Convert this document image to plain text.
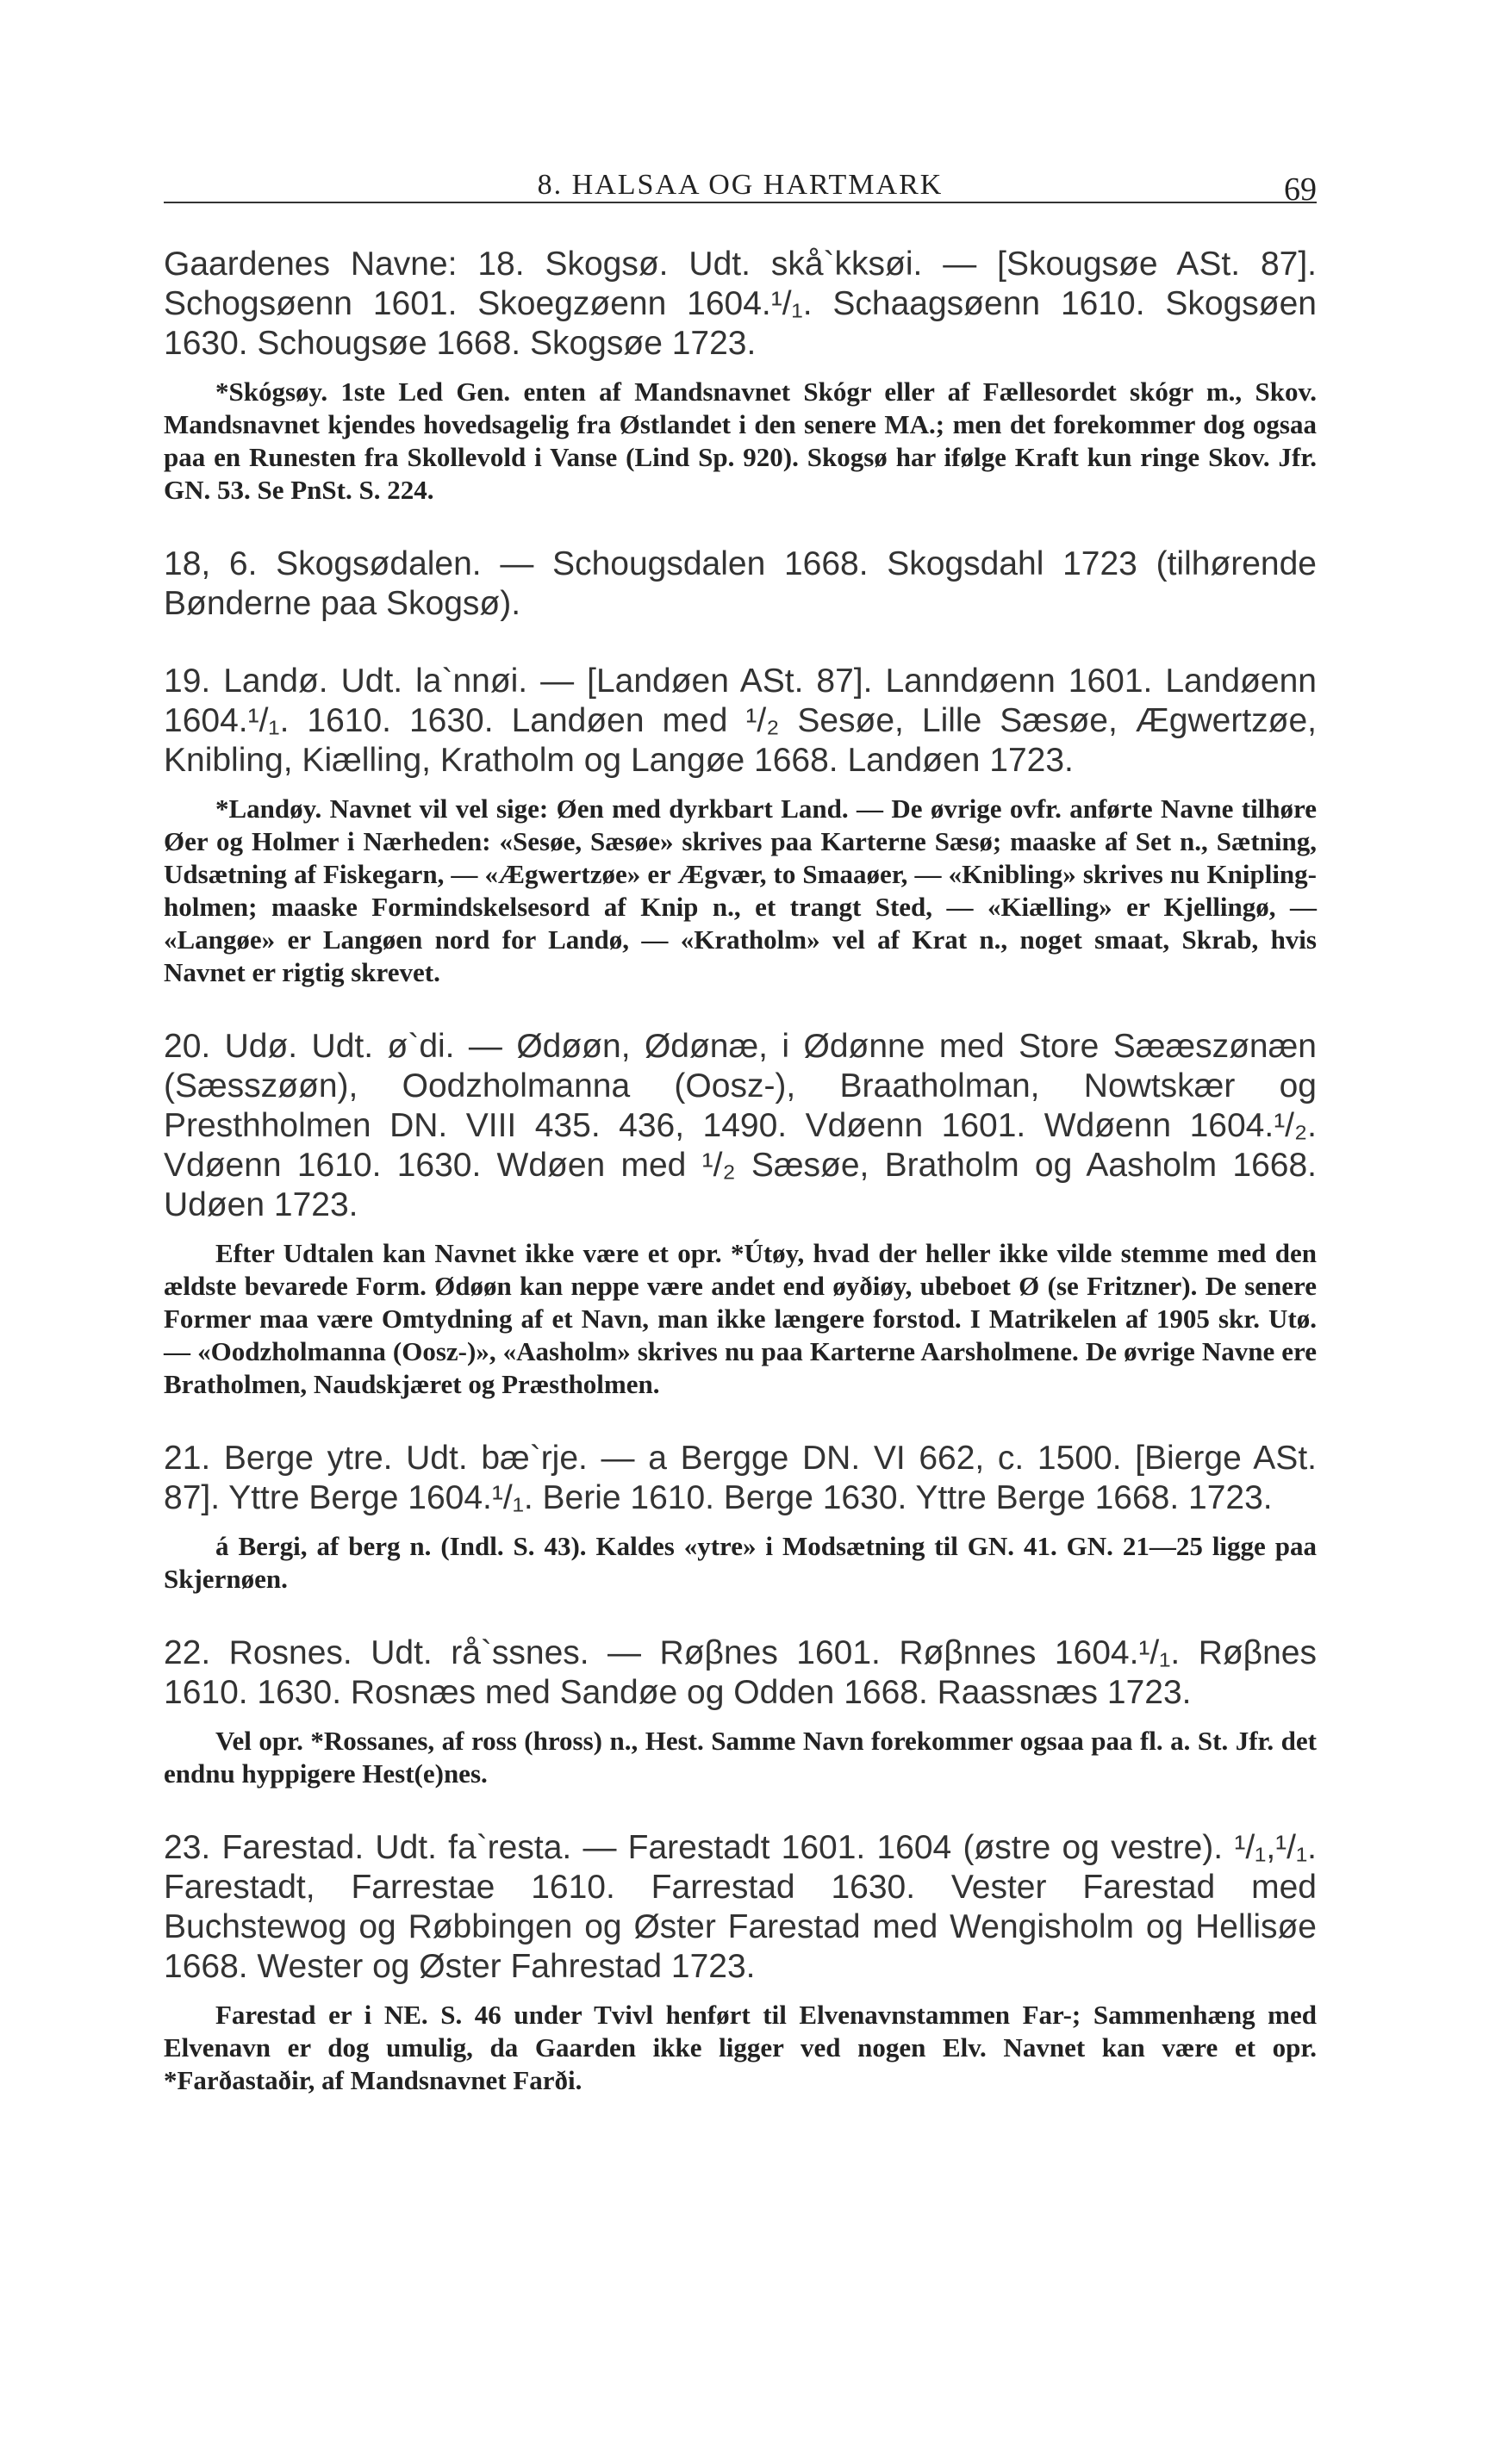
8. HALSAA OG HARTMARK	69
Gaardenes Navne: 18. Skogsø. Udt. skå`kksøi. — [Skougsøe ASt. 87]. Schogsøenn 1601. Skoegzøenn 1604.¹/₁. Schaagsøenn 1610. Skogsøen 1630. Schougsøe 1668. Skogsøe 1723.
*Skógsøy. 1ste Led Gen. enten af Mandsnavnet Skógr eller af Fællesordet skógr m., Skov. Mandsnavnet kjendes hovedsagelig fra Østlandet i den senere MA.; men det forekommer dog ogsaa paa en Runesten fra Skollevold i Vanse (Lind Sp. 920). Skogsø har ifølge Kraft kun ringe Skov. Jfr. GN. 53. Se PnSt. S. 224.
18, 6. Skogsødalen. — Schougsdalen 1668. Skogsdahl 1723 (tilhørende Bønderne paa Skogsø).
19. Landø. Udt. la`nnøi. — [Landøen ASt. 87]. Lanndøenn 1601. Landøenn 1604.¹/₁. 1610. 1630. Landøen med ¹/₂ Sesøe, Lille Sæsøe, Ægwertzøe, Knibling, Kiælling, Kratholm og Langøe 1668. Landøen 1723.
*Landøy. Navnet vil vel sige: Øen med dyrkbart Land. — De øvrige ovfr. anførte Navne tilhøre Øer og Holmer i Nærheden: «Sesøe, Sæsøe» skrives paa Karterne Sæsø; maaske af Set n., Sætning, Udsætning af Fiskegarn, — «Ægwertzøe» er Ægvær, to Smaaøer, — «Knibling» skrives nu Knipling-holmen; maaske Formindskelsesord af Knip n., et trangt Sted, — «Kiælling» er Kjellingø, — «Langøe» er Langøen nord for Landø, — «Kratholm» vel af Krat n., noget smaat, Skrab, hvis Navnet er rigtig skrevet.
20. Udø. Udt. ø`di. — Ødøøn, Ødønæ, i Ødønne med Store Sææszønæn (Sæsszøøn), Oodzholmanna (Oosz-), Braatholman, Nowtskær og Presthholmen DN. VIII 435. 436, 1490. Vdøenn 1601. Wdøenn 1604.¹/₂. Vdøenn 1610. 1630. Wdøen med ¹/₂ Sæsøe, Bratholm og Aasholm 1668. Udøen 1723.
Efter Udtalen kan Navnet ikke være et opr. *Útøy, hvad der heller ikke vilde stemme med den ældste bevarede Form. Ødøøn kan neppe være andet end øyðiøy, ubeboet Ø (se Fritzner). De senere Former maa være Omtydning af et Navn, man ikke længere forstod. I Matrikelen af 1905 skr. Utø. — «Oodzholmanna (Oosz-)», «Aasholm» skrives nu paa Karterne Aarsholmene. De øvrige Navne ere Bratholmen, Naudskjæret og Præstholmen.
21. Berge ytre. Udt. bæ`rje. — a Bergge DN. VI 662, c. 1500. [Bierge ASt. 87]. Yttre Berge 1604.¹/₁. Berie 1610. Berge 1630. Yttre Berge 1668. 1723.
á Bergi, af berg n. (Indl. S. 43). Kaldes «ytre» i Modsætning til GN. 41. GN. 21—25 ligge paa Skjernøen.
22. Rosnes. Udt. rå`ssnes. — Røβnes 1601. Røβnnes 1604.¹/₁. Røβnes 1610. 1630. Rosnæs med Sandøe og Odden 1668. Raassnæs 1723.
Vel opr. *Rossanes, af ross (hross) n., Hest. Samme Navn forekommer ogsaa paa fl. a. St. Jfr. det endnu hyppigere Hest(e)nes.
23. Farestad. Udt. fa`resta. — Farestadt 1601. 1604 (østre og vestre). ¹/₁,¹/₁. Farestadt, Farrestae 1610. Farrestad 1630. Vester Farestad med Buchstewog og Røbbingen og Øster Farestad med Wengisholm og Hellisøe 1668. Wester og Øster Fahrestad 1723.
Farestad er i NE. S. 46 under Tvivl henført til Elvenavnstammen Far-; Sammenhæng med Elvenavn er dog umulig, da Gaarden ikke ligger ved nogen Elv. Navnet kan være et opr. *Farðastaðir, af Mandsnavnet Farði.
